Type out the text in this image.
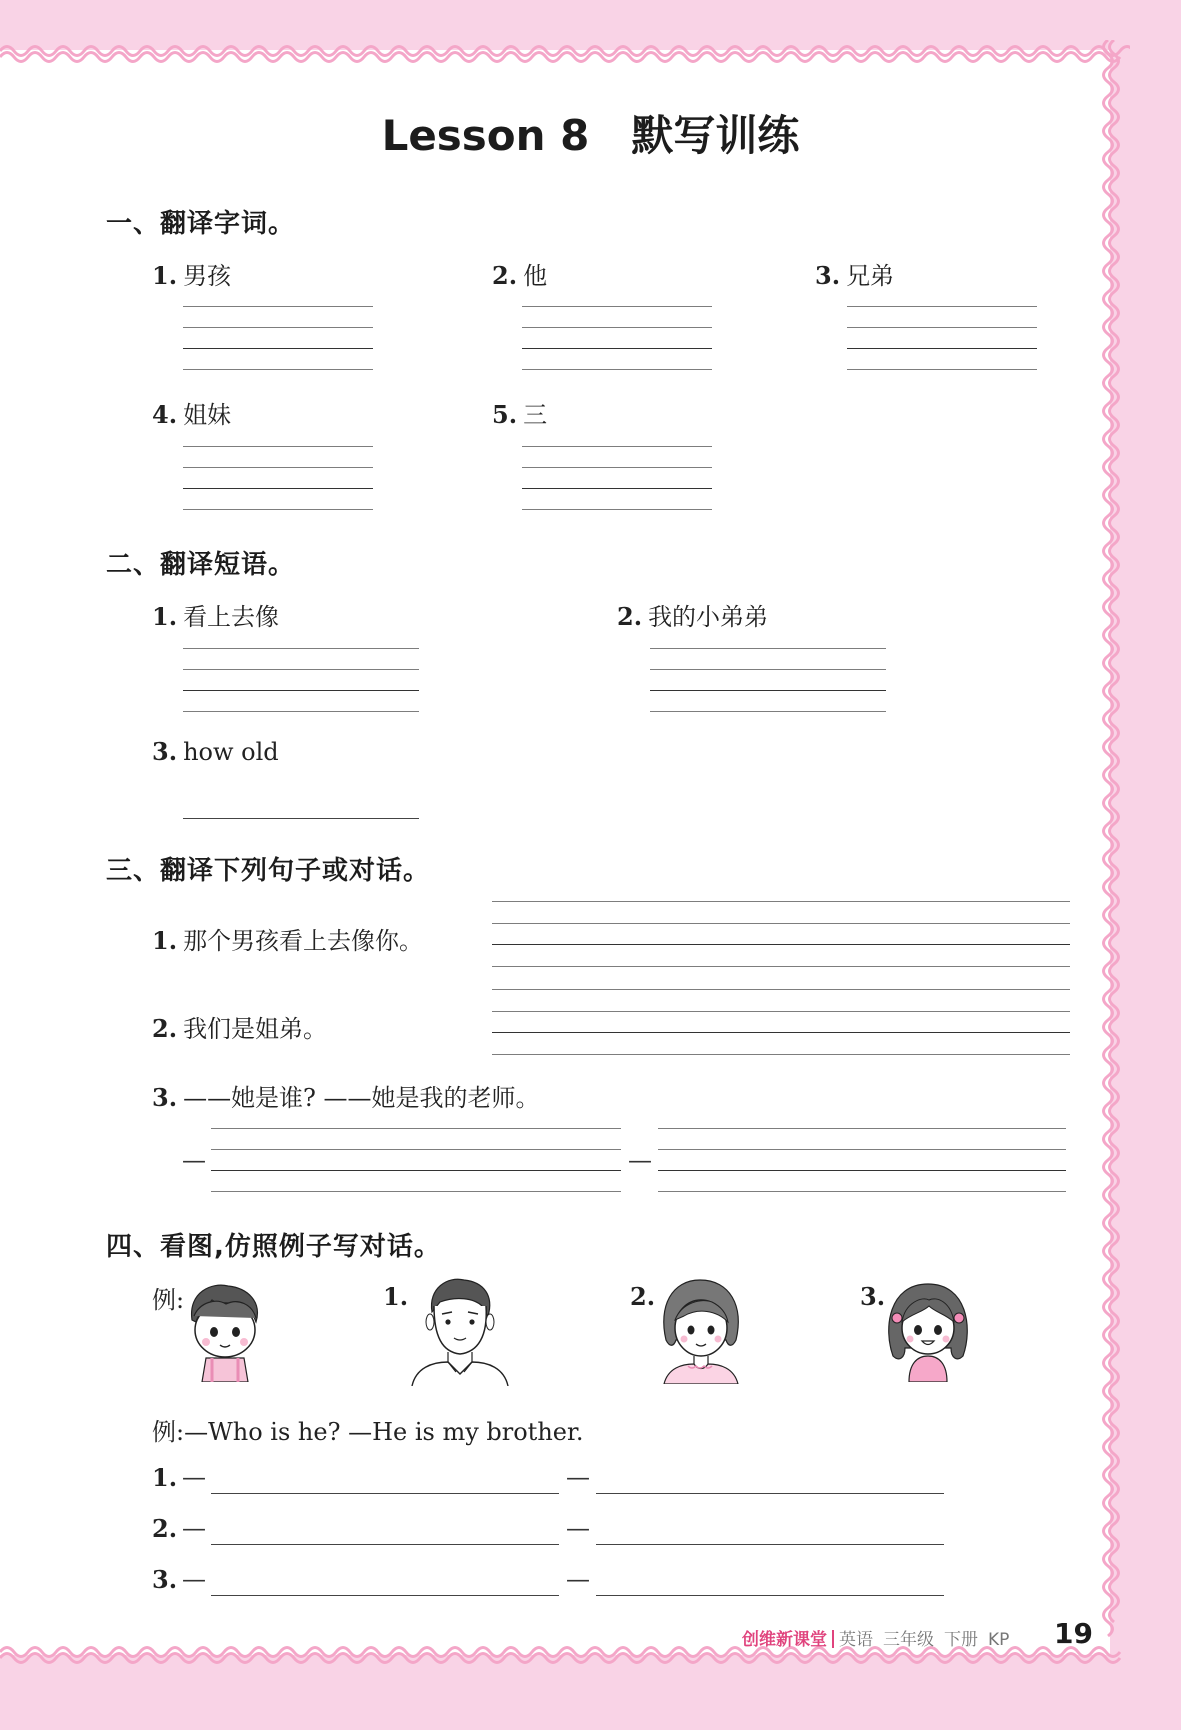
Lesson 8 默写训练
一、翻译字词。
1. 男孩	2. 他	3. 兄弟
4. 姐妹	5. 三
二、翻译短语。
1. 看上去像	2. 我的小弟弟
3. how old
三、翻译下列句子或对话。
1. 那个男孩看上去像你。
2. 我们是姐弟。
3. ——她是谁? ——她是我的老师。
—	—
四、看图,仿照例子写对话。
例:	1.	2.	3.
例:—Who is he? —He is my brother.
1. —	—
2. —	—
3. —	—
创维新课堂 英语 三年级 下册 KP 19
